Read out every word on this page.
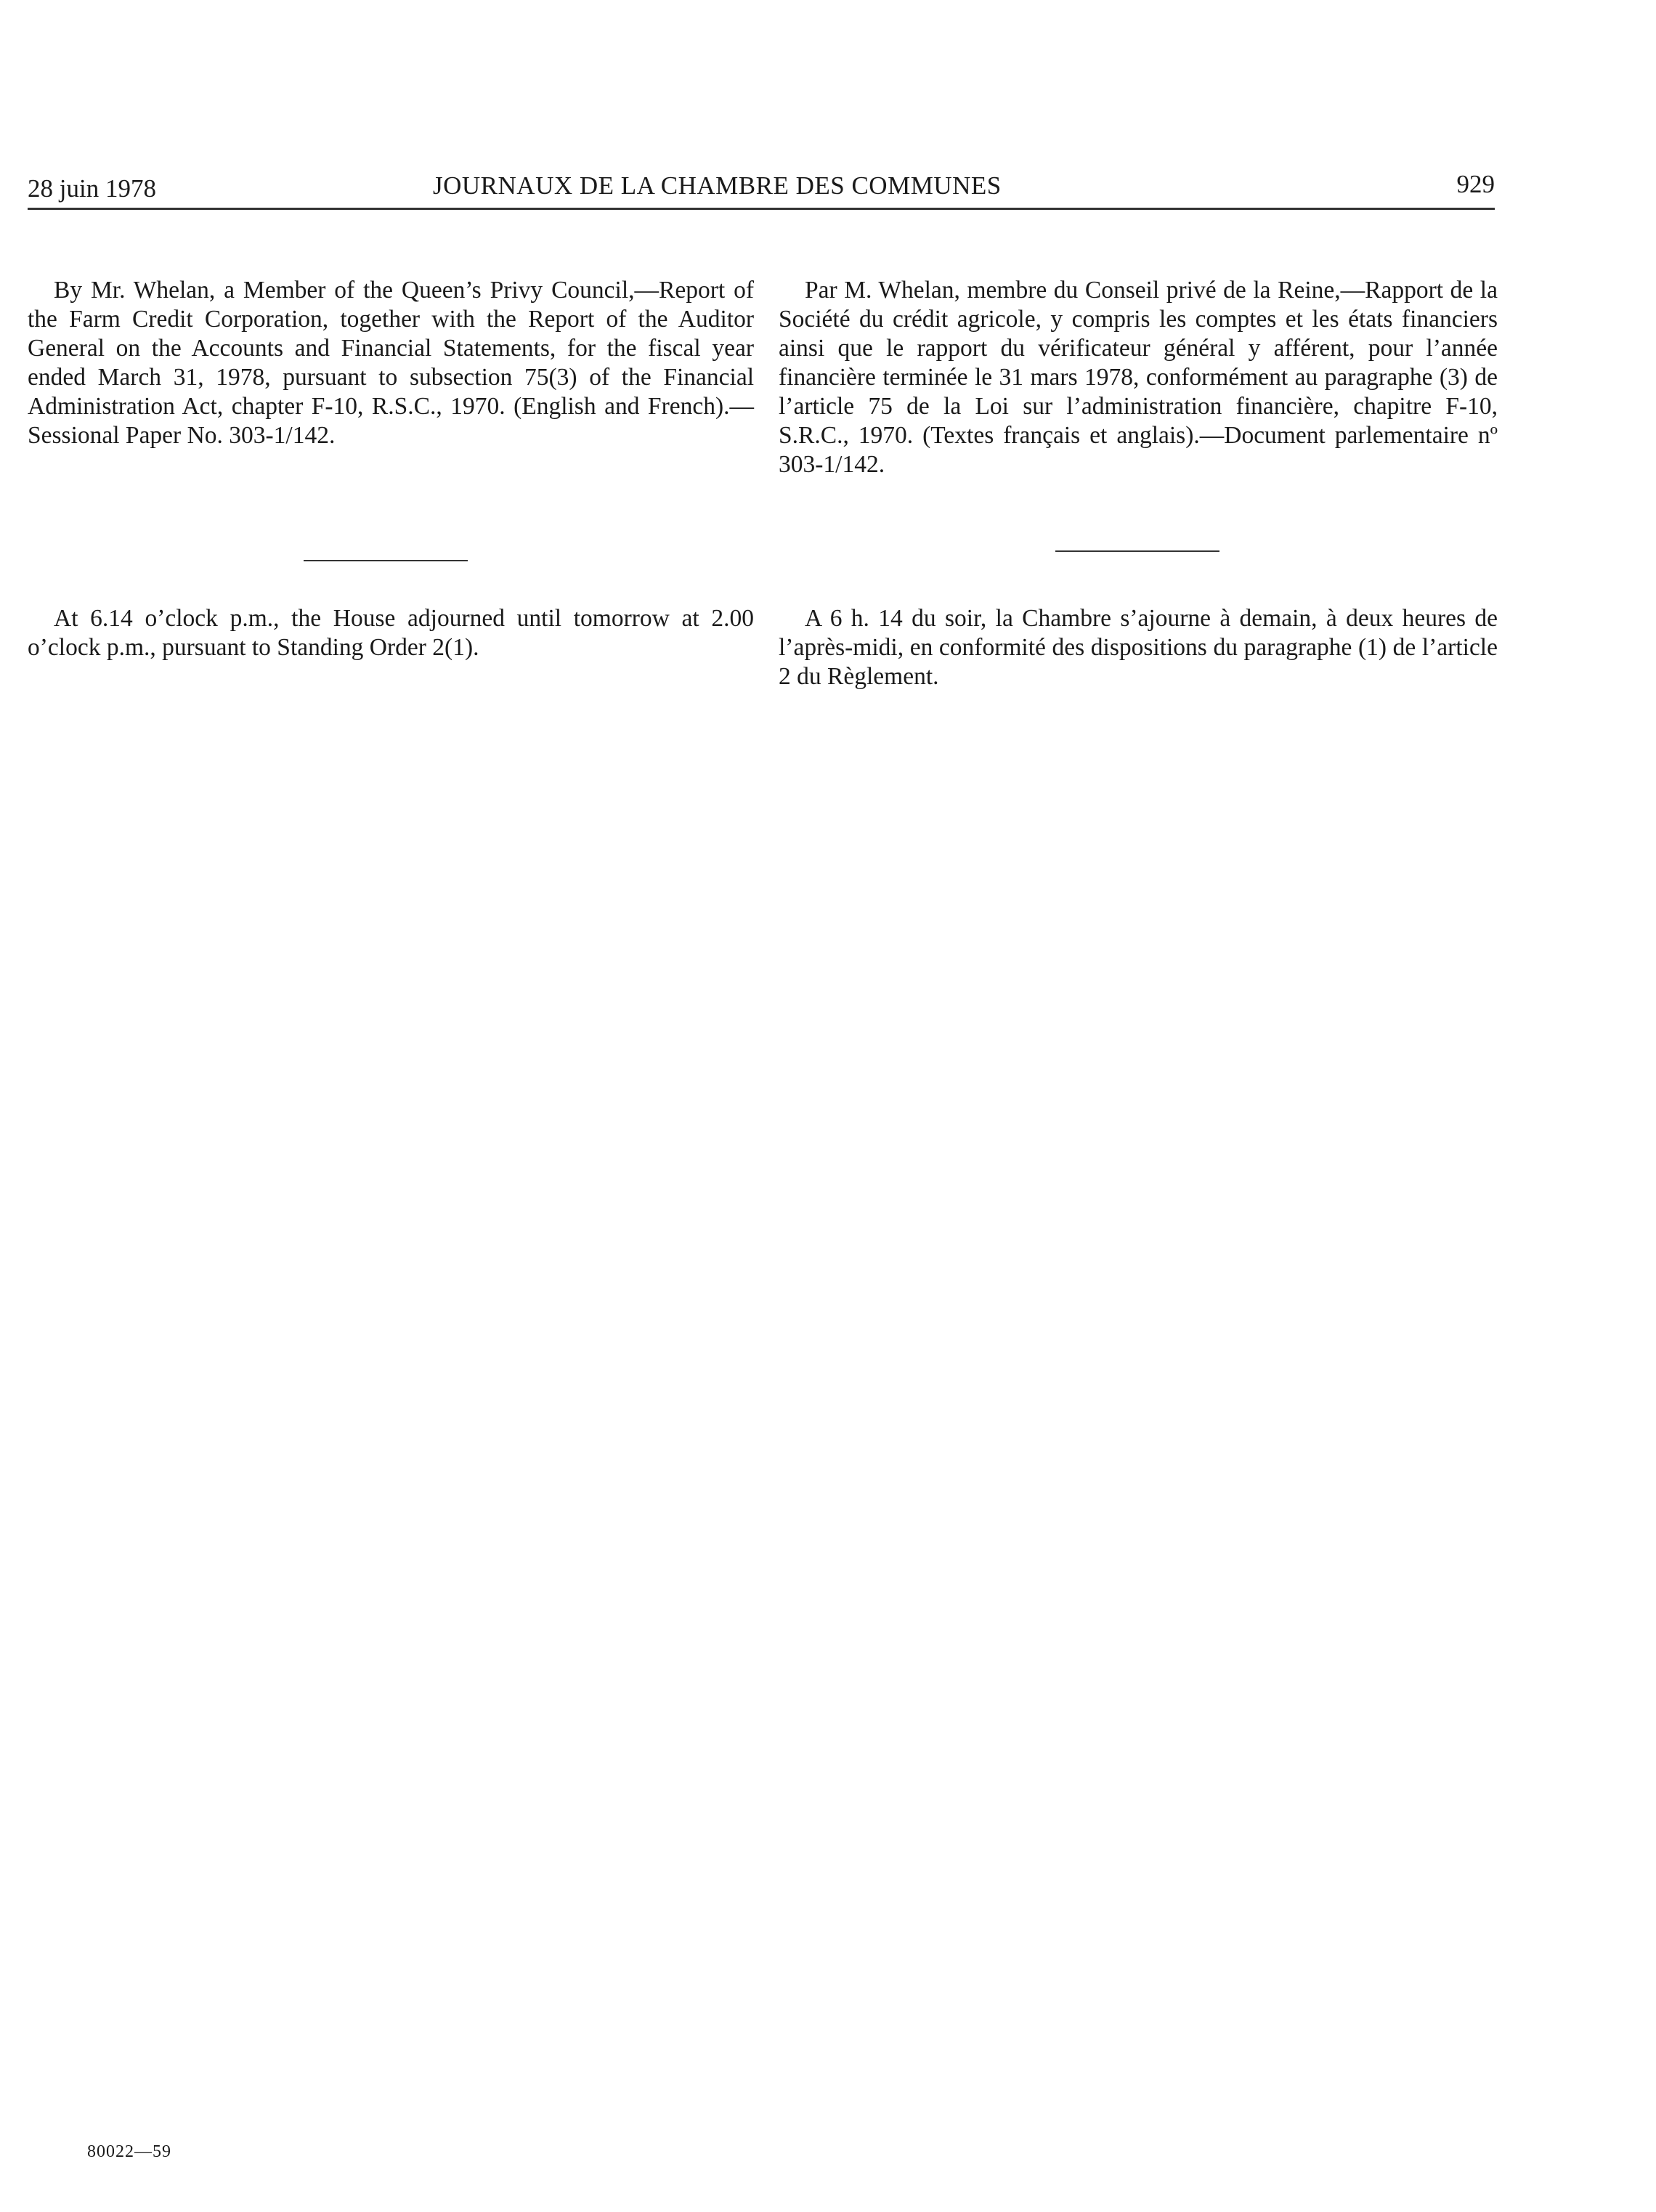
28 juin 1978	JOURNAUX DE LA CHAMBRE DES COMMUNES	929

By Mr. Whelan, a Member of the Queen’s Privy Council,—Report of the Farm Credit Corporation, together with the Report of the Auditor General on the Accounts and Financial Statements, for the fiscal year ended March 31, 1978, pursuant to subsection 75(3) of the Financial Administration Act, chapter F-10, R.S.C., 1970. (English and French).—Sessional Paper No. 303-1/142.

Par M. Whelan, membre du Conseil privé de la Reine,—Rapport de la Société du crédit agricole, y compris les comptes et les états financiers ainsi que le rapport du vérificateur général y afférent, pour l’année financière terminée le 31 mars 1978, conformément au paragraphe (3) de l’article 75 de la Loi sur l’administration financière, chapitre F-10, S.R.C., 1970. (Textes français et anglais).—Document parlementaire nº 303-1/142.

At 6.14 o’clock p.m., the House adjourned until tomorrow at 2.00 o’clock p.m., pursuant to Standing Order 2(1).

A 6 h. 14 du soir, la Chambre s’ajourne à demain, à deux heures de l’après-midi, en conformité des dispositions du paragraphe (1) de l’article 2 du Règlement.

80022—59
